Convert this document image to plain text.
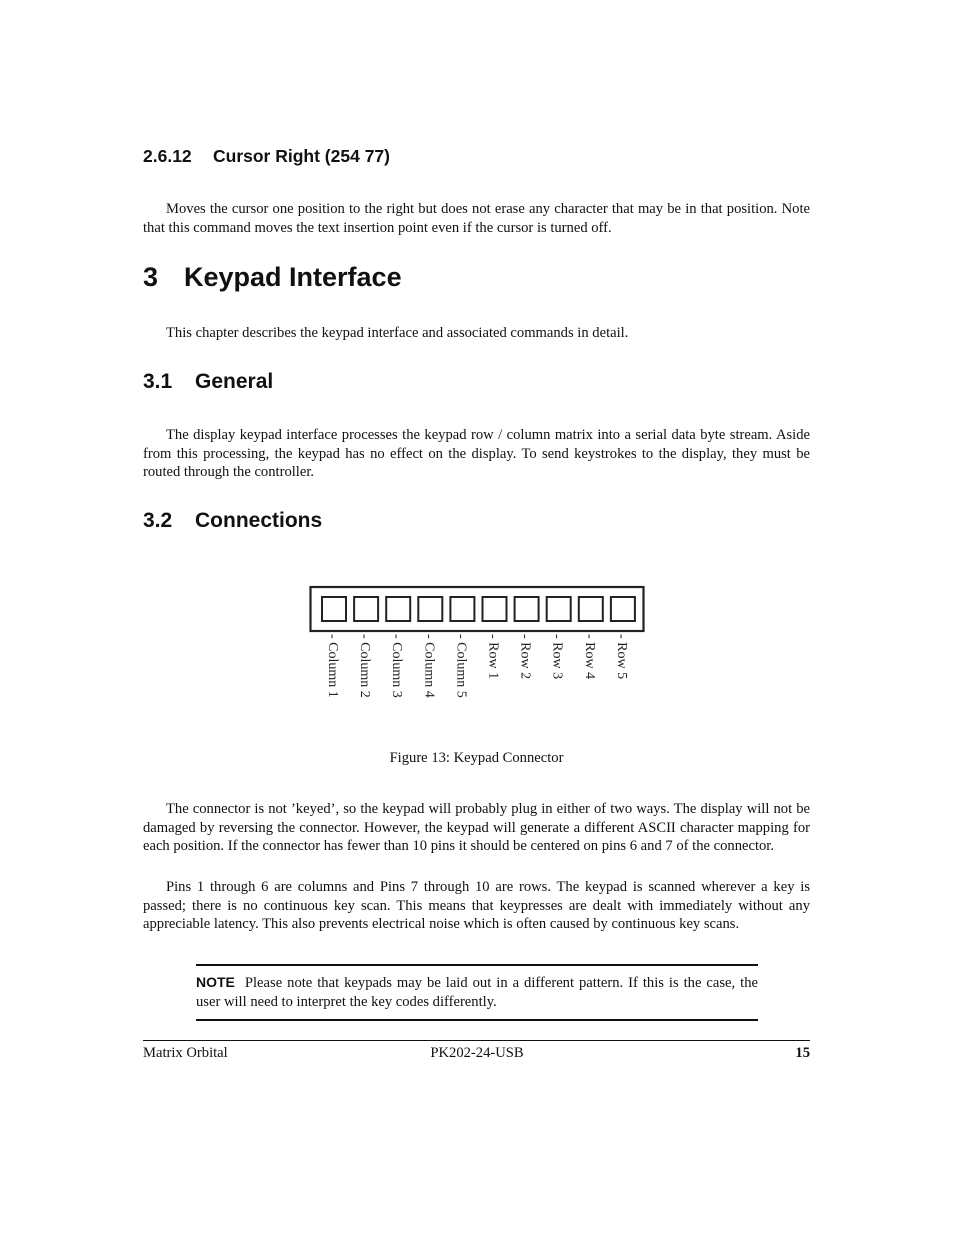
2.6.12 Cursor Right (254 77)

Moves the cursor one position to the right but does not erase any character that may be in that position. Note that this command moves the text insertion point even if the cursor is turned off.

3 Keypad Interface

This chapter describes the keypad interface and associated commands in detail.

3.1 General

The display keypad interface processes the keypad row / column matrix into a serial data byte stream. Aside from this processing, the keypad has no effect on the display. To send keystrokes to the display, they must be routed through the controller.

3.2 Connections
- Column 1 - Column 2 - Column 3 - Column 4 - Column 5 - Row 1 - Row 2 - Row 3 - Row 4 - Row 5
Figure 13: Keypad Connector

The connector is not ’keyed’, so the keypad will probably plug in either of two ways. The display will not be damaged by reversing the connector. However, the keypad will generate a different ASCII character mapping for each position. If the connector has fewer than 10 pins it should be centered on pins 6 and 7 of the connector.

Pins 1 through 6 are columns and Pins 7 through 10 are rows. The keypad is scanned wherever a key is passed; there is no continuous key scan. This means that keypresses are dealt with immediately without any appreciable latency. This also prevents electrical noise which is often caused by continuous key scans.

NOTE Please note that keypads may be laid out in a different pattern. If this is the case, the user will need to interpret the key codes differently.

Matrix Orbital	PK202-24-USB	15
